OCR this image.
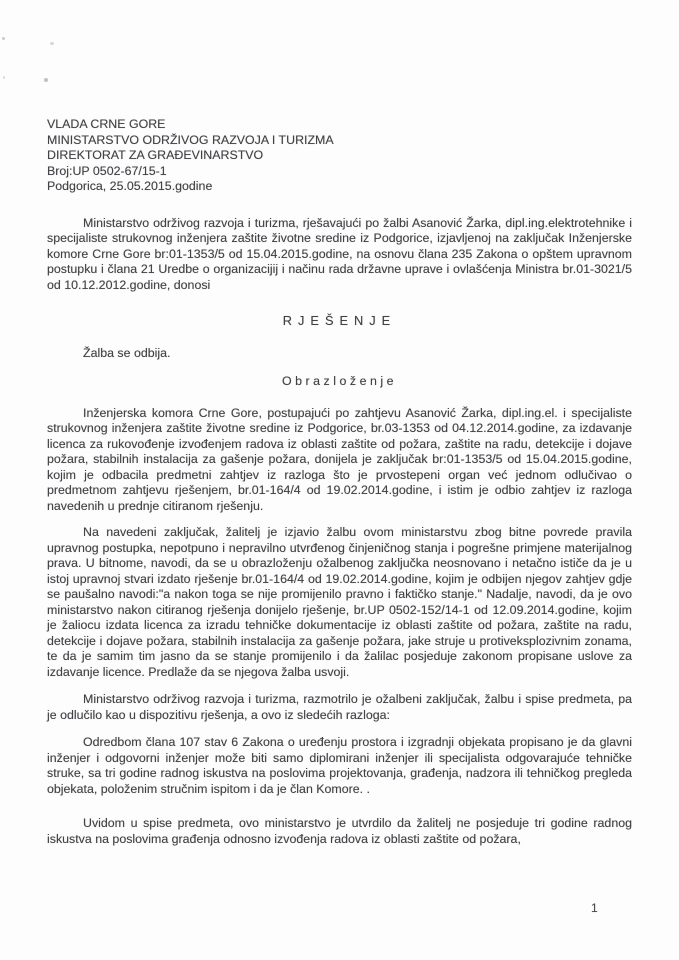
VLADA CRNE GORE
MINISTARSTVO ODRŽIVOG RAZVOJA I TURIZMA
DIREKTORAT ZA GRAĐEVINARSTVO
Broj:UP 0502-67/15-1
Podgorica, 25.05.2015.godine

Ministarstvo održivog razvoja i turizma, rješavajući po žalbi Asanović Žarka, dipl.ing.elektrotehnike i specijaliste strukovnog inženjera zaštite životne sredine iz Podgorice, izjavljenoj na zaključak Inženjerske komore Crne Gore br:01-1353/5 od 15.04.2015.godine, na osnovu člana 235 Zakona o opštem upravnom postupku i člana 21 Uredbe o organizacijij i načinu rada državne uprave i ovlašćenja Ministra br.01-3021/5 od 10.12.2012.godine, donosi

RJEŠENJE

Žalba se odbija.

Obrazloženje

Inženjerska komora Crne Gore, postupajući po zahtjevu Asanović Žarka, dipl.ing.el. i specijaliste strukovnog inženjera zaštite životne sredine iz Podgorice, br.03-1353 od 04.12.2014.godine, za izdavanje licenca za rukovođenje izvođenjem radova iz oblasti zaštite od požara, zaštite na radu, detekcije i dojave požara, stabilnih instalacija za gašenje požara, donijela je zaključak br:01-1353/5 od 15.04.2015.godine, kojim je odbacila predmetni zahtjev iz razloga što je prvostepeni organ već jednom odlučivao o predmetnom zahtjevu rješenjem, br.01-164/4 od 19.02.2014.godine, i istim je odbio zahtjev iz razloga navedenih u prednje citiranom rješenju.

Na navedeni zaključak, žalitelj je izjavio žalbu ovom ministarstvu zbog bitne povrede pravila upravnog postupka, nepotpuno i nepravilno utvrđenog činjeničnog stanja i pogrešne primjene materijalnog prava. U bitnome, navodi, da se u obrazloženju ožalbenog zaključka neosnovano i netačno ističe da je u istoj upravnoj stvari izdato rješenje br.01-164/4 od 19.02.2014.godine, kojim je odbijen njegov zahtjev gdje se paušalno navodi:"a nakon toga se nije promijenilo pravno i faktičko stanje." Nadalje, navodi, da je ovo ministarstvo nakon citiranog rješenja donijelo rješenje, br.UP 0502-152/14-1 od 12.09.2014.godine, kojim je žaliocu izdata licenca za izradu tehničke dokumentacije iz oblasti zaštite od požara, zaštite na radu, detekcije i dojave požara, stabilnih instalacija za gašenje požara, jake struje u protiveksplozivnim zonama, te da je samim tim jasno da se stanje promijenilo i da žalilac posjeduje zakonom propisane uslove za izdavanje licence. Predlaže da se njegova žalba usvoji.

Ministarstvo održivog razvoja i turizma, razmotrilo je ožalbeni zaključak, žalbu i spise predmeta, pa je odlučilo kao u dispozitivu rješenja, a ovo iz sledećih razloga:

Odredbom člana 107 stav 6 Zakona o uređenju prostora i izgradnji objekata propisano je da glavni inženjer i odgovorni inženjer može biti samo diplomirani inženjer ili specijalista odgovarajuće tehničke struke, sa tri godine radnog iskustva na poslovima projektovanja, građenja, nadzora ili tehničkog pregleda objekata, položenim stručnim ispitom i da je član Komore. .

Uvidom u spise predmeta, ovo ministarstvo je utvrdilo da žalitelj ne posjeduje tri godine radnog iskustva na poslovima građenja odnosno izvođenja radova iz oblasti zaštite od požara,

1
